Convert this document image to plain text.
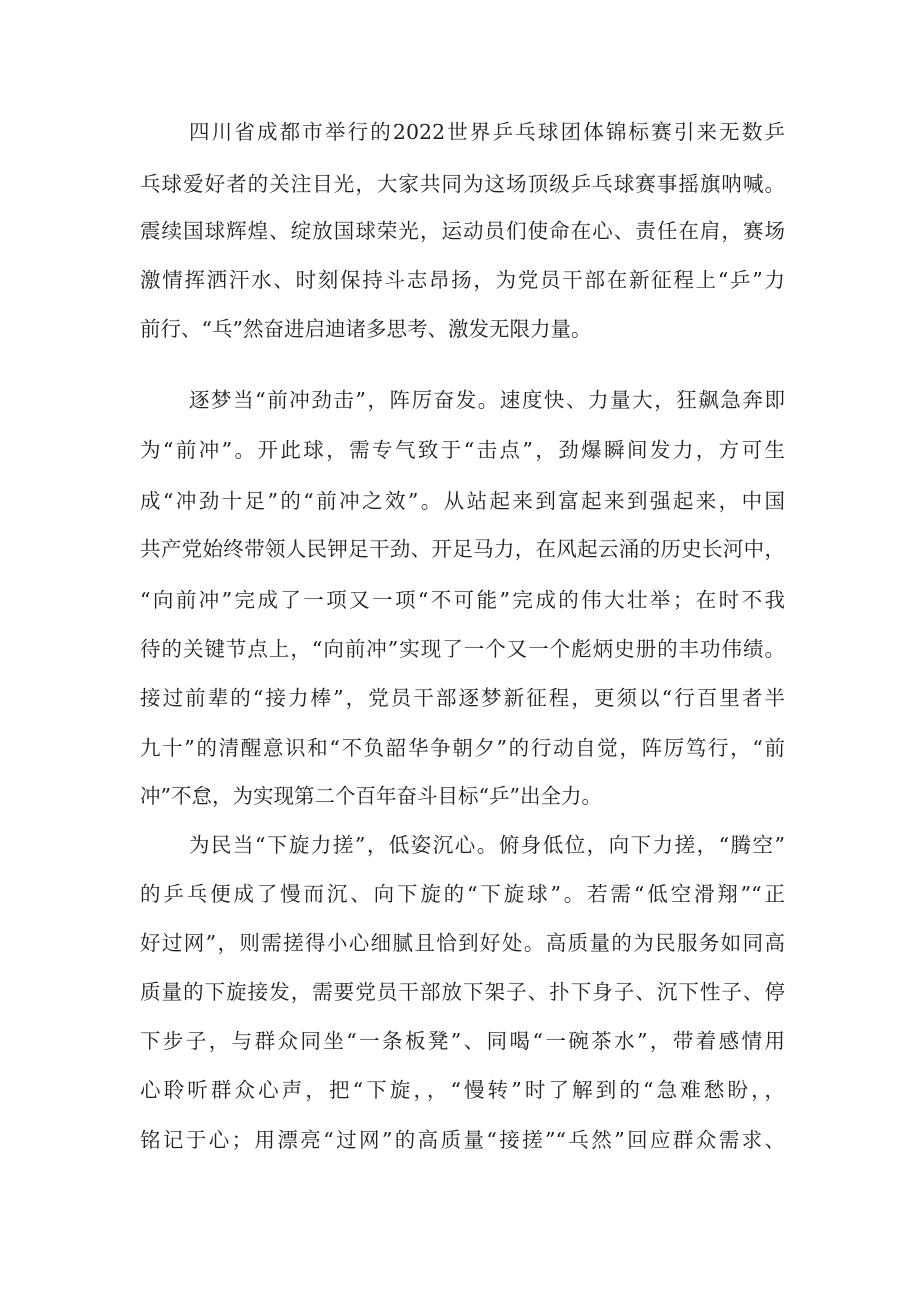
四川省成都市举行的2022世界乒乓球团体锦标赛引来无数乒
乓球爱好者的关注目光，大家共同为这场顶级乒乓球赛事摇旗呐喊。
震续国球辉煌、绽放国球荣光，运动员们使命在心、责任在肩，赛场
激情挥洒汗水、时刻保持斗志昂扬，为党员干部在新征程上“乒”力
前行、“乓”然奋进启迪诸多思考、激发无限力量。
逐梦当“前冲劲击”，阵厉奋发。速度快、力量大，狂飙急奔即
为“前冲”。开此球，需专气致于“击点”，劲爆瞬间发力，方可生
成“冲劲十足”的“前冲之效”。从站起来到富起来到强起来，中国
共产党始终带领人民钾足干劲、开足马力，在风起云涌的历史长河中，
“向前冲”完成了一项又一项“不可能”完成的伟大壮举；在时不我
待的关键节点上，“向前冲”实现了一个又一个彪炳史册的丰功伟绩。
接过前辈的“接力棒”，党员干部逐梦新征程，更须以“行百里者半
九十”的清醒意识和“不负韶华争朝夕”的行动自觉，阵厉笃行，“前
冲”不怠，为实现第二个百年奋斗目标“乒”出全力。
为民当“下旋力搓”，低姿沉心。俯身低位，向下力搓，“腾空”
的乒乓便成了慢而沉、向下旋的“下旋球”。若需“低空滑翔”“正
好过网”，则需搓得小心细腻且恰到好处。高质量的为民服务如同高
质量的下旋接发，需要党员干部放下架子、扑下身子、沉下性子、停
下步子，与群众同坐“一条板凳”、同喝“一碗茶水”，带着感情用
心聆听群众心声，把“下旋，，“慢转”时了解到的“急难愁盼，，
铭记于心；用漂亮“过网”的高质量“接搓”“乓然”回应群众需求、
